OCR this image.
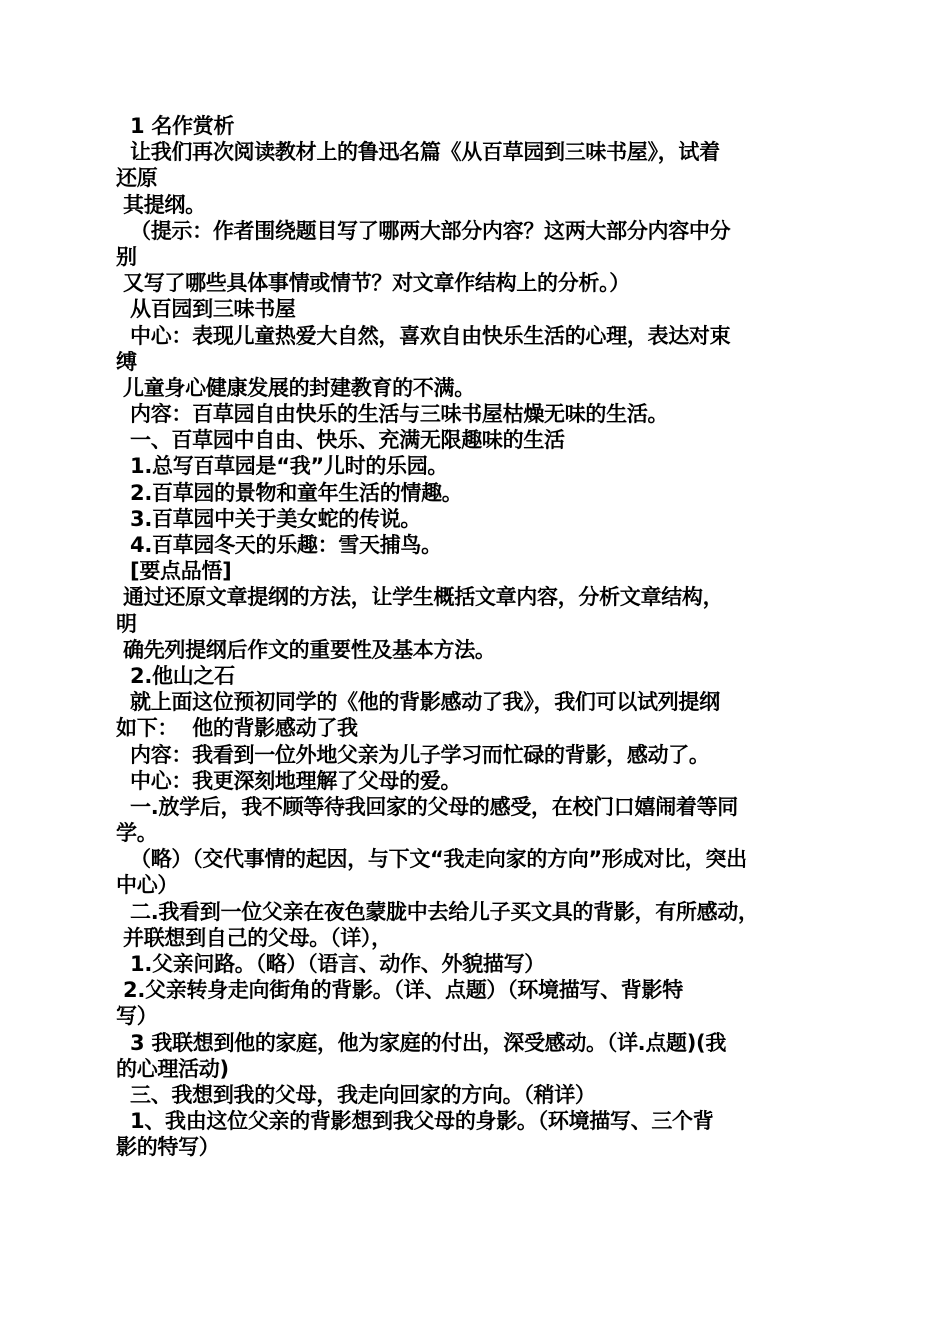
1 名作赏析
让我们再次阅读教材上的鲁迅名篇《从百草园到三味书屋》，试着
还原
其提纲。
（提示：作者围绕题目写了哪两大部分内容？这两大部分内容中分
别
又写了哪些具体事情或情节？对文章作结构上的分析。）
从百园到三味书屋
中心：表现儿童热爱大自然，喜欢自由快乐生活的心理，表达对束
缚
儿童身心健康发展的封建教育的不满。
内容：百草园自由快乐的生活与三味书屋枯燥无味的生活。
一、百草园中自由、快乐、充满无限趣味的生活
1.总写百草园是“我”儿时的乐园。
2.百草园的景物和童年生活的情趣。
3.百草园中关于美女蛇的传说。
4.百草园冬天的乐趣：雪天捕鸟。
[要点品悟]
通过还原文章提纲的方法，让学生概括文章内容，分析文章结构，
明
确先列提纲后作文的重要性及基本方法。
2.他山之石
就上面这位预初同学的《他的背影感动了我》，我们可以试列提纲
如下：  他的背影感动了我
内容：我看到一位外地父亲为儿子学习而忙碌的背影，感动了。
中心：我更深刻地理解了父母的爱。
一.放学后，我不顾等待我回家的父母的感受，在校门口嬉闹着等同
学。
（略）（交代事情的起因，与下文“我走向家的方向”形成对比，突出
中心）
二.我看到一位父亲在夜色蒙胧中去给儿子买文具的背影，有所感动，
并联想到自己的父母。（详），
1.父亲问路。（略）（语言、动作、外貌描写）
2.父亲转身走向街角的背影。（详、点题）（环境描写、背影特
写）
3 我联想到他的家庭，他为家庭的付出，深受感动。（详.点题)(我
的心理活动)
三、我想到我的父母，我走向回家的方向。（稍详）
1、我由这位父亲的背影想到我父母的身影。（环境描写、三个背
影的特写）
